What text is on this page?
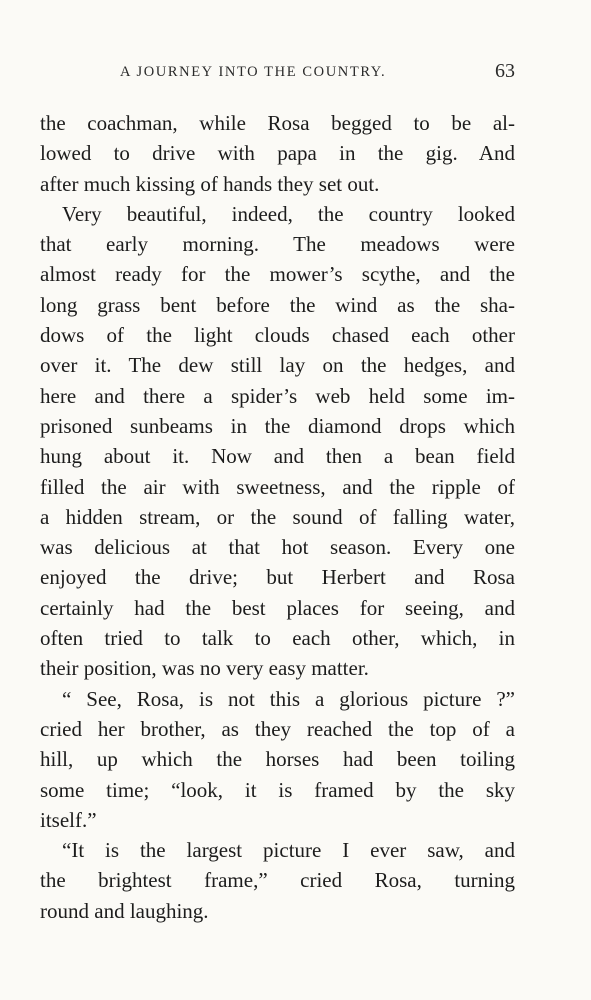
A JOURNEY INTO THE COUNTRY.	63
the coachman, while Rosa begged to be al-
lowed to drive with papa in the gig. And
after much kissing of hands they set out.
Very beautiful, indeed, the country looked
that early morning. The meadows were
almost ready for the mower’s scythe, and the
long grass bent before the wind as the sha-
dows of the light clouds chased each other
over it. The dew still lay on the hedges, and
here and there a spider’s web held some im-
prisoned sunbeams in the diamond drops which
hung about it. Now and then a bean field
filled the air with sweetness, and the ripple of
a hidden stream, or the sound of falling water,
was delicious at that hot season. Every one
enjoyed the drive; but Herbert and Rosa
certainly had the best places for seeing, and
often tried to talk to each other, which, in
their position, was no very easy matter.
“ See, Rosa, is not this a glorious picture ?”
cried her brother, as they reached the top of a
hill, up which the horses had been toiling
some time; “look, it is framed by the sky
itself.”
“It is the largest picture I ever saw, and
the brightest frame,” cried Rosa, turning
round and laughing.
